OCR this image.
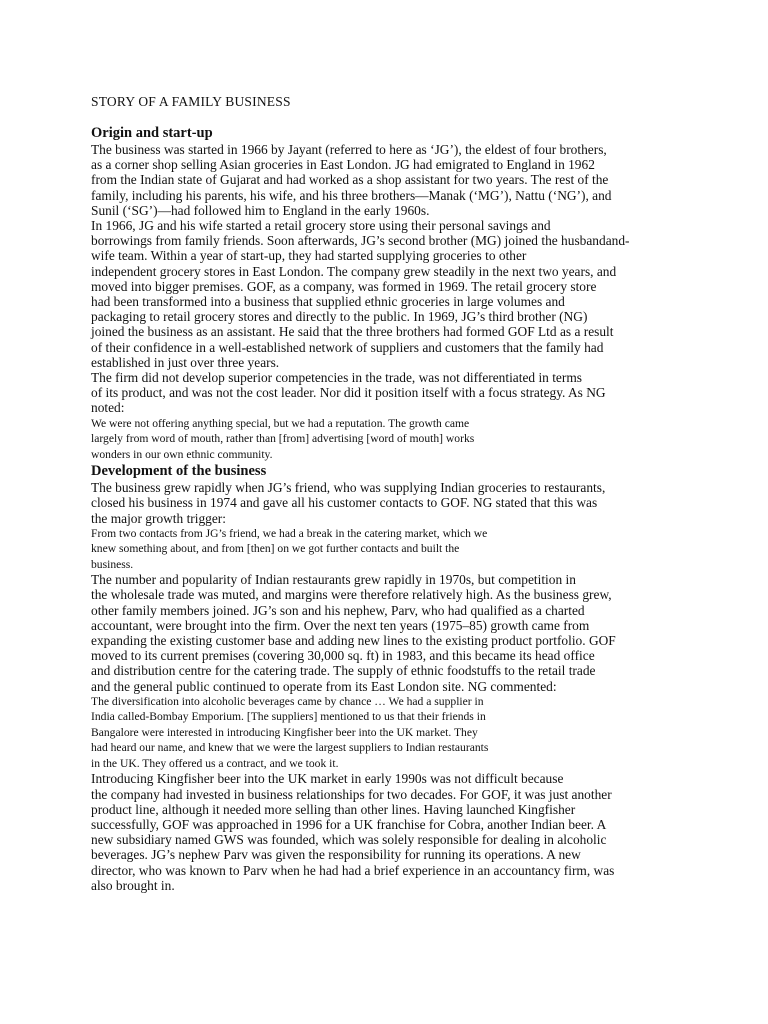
STORY OF A FAMILY BUSINESS
Origin and start-up
The business was started in 1966 by Jayant (referred to here as ‘JG’), the eldest of four brothers,
as a corner shop selling Asian groceries in East London. JG had emigrated to England in 1962
from the Indian state of Gujarat and had worked as a shop assistant for two years. The rest of the
family, including his parents, his wife, and his three brothers—Manak (‘MG’), Nattu (‘NG’), and
Sunil (‘SG’)—had followed him to England in the early 1960s.
In 1966, JG and his wife started a retail grocery store using their personal savings and
borrowings from family friends. Soon afterwards, JG’s second brother (MG) joined the husbandand-
wife team. Within a year of start-up, they had started supplying groceries to other
independent grocery stores in East London. The company grew steadily in the next two years, and
moved into bigger premises. GOF, as a company, was formed in 1969. The retail grocery store
had been transformed into a business that supplied ethnic groceries in large volumes and
packaging to retail grocery stores and directly to the public. In 1969, JG’s third brother (NG)
joined the business as an assistant. He said that the three brothers had formed GOF Ltd as a result
of their confidence in a well-established network of suppliers and customers that the family had
established in just over three years.
The firm did not develop superior competencies in the trade, was not differentiated in terms
of its product, and was not the cost leader. Nor did it position itself with a focus strategy. As NG
noted:
We were not offering anything special, but we had a reputation. The growth came
largely from word of mouth, rather than [from] advertising [word of mouth] works
wonders in our own ethnic community.
Development of the business
The business grew rapidly when JG’s friend, who was supplying Indian groceries to restaurants,
closed his business in 1974 and gave all his customer contacts to GOF. NG stated that this was
the major growth trigger:
From two contacts from JG’s friend, we had a break in the catering market, which we
knew something about, and from [then] on we got further contacts and built the
business.
The number and popularity of Indian restaurants grew rapidly in 1970s, but competition in
the wholesale trade was muted, and margins were therefore relatively high. As the business grew,
other family members joined. JG’s son and his nephew, Parv, who had qualified as a charted
accountant, were brought into the firm. Over the next ten years (1975–85) growth came from
expanding the existing customer base and adding new lines to the existing product portfolio. GOF
moved to its current premises (covering 30,000 sq. ft) in 1983, and this became its head office
and distribution centre for the catering trade. The supply of ethnic foodstuffs to the retail trade
and the general public continued to operate from its East London site. NG commented:
The diversification into alcoholic beverages came by chance … We had a supplier in
India called-Bombay Emporium. [The suppliers] mentioned to us that their friends in
Bangalore were interested in introducing Kingfisher beer into the UK market. They
had heard our name, and knew that we were the largest suppliers to Indian restaurants
in the UK. They offered us a contract, and we took it.
Introducing Kingfisher beer into the UK market in early 1990s was not difficult because
the company had invested in business relationships for two decades. For GOF, it was just another
product line, although it needed more selling than other lines. Having launched Kingfisher
successfully, GOF was approached in 1996 for a UK franchise for Cobra, another Indian beer. A
new subsidiary named GWS was founded, which was solely responsible for dealing in alcoholic
beverages. JG’s nephew Parv was given the responsibility for running its operations. A new
director, who was known to Parv when he had had a brief experience in an accountancy firm, was
also brought in.
